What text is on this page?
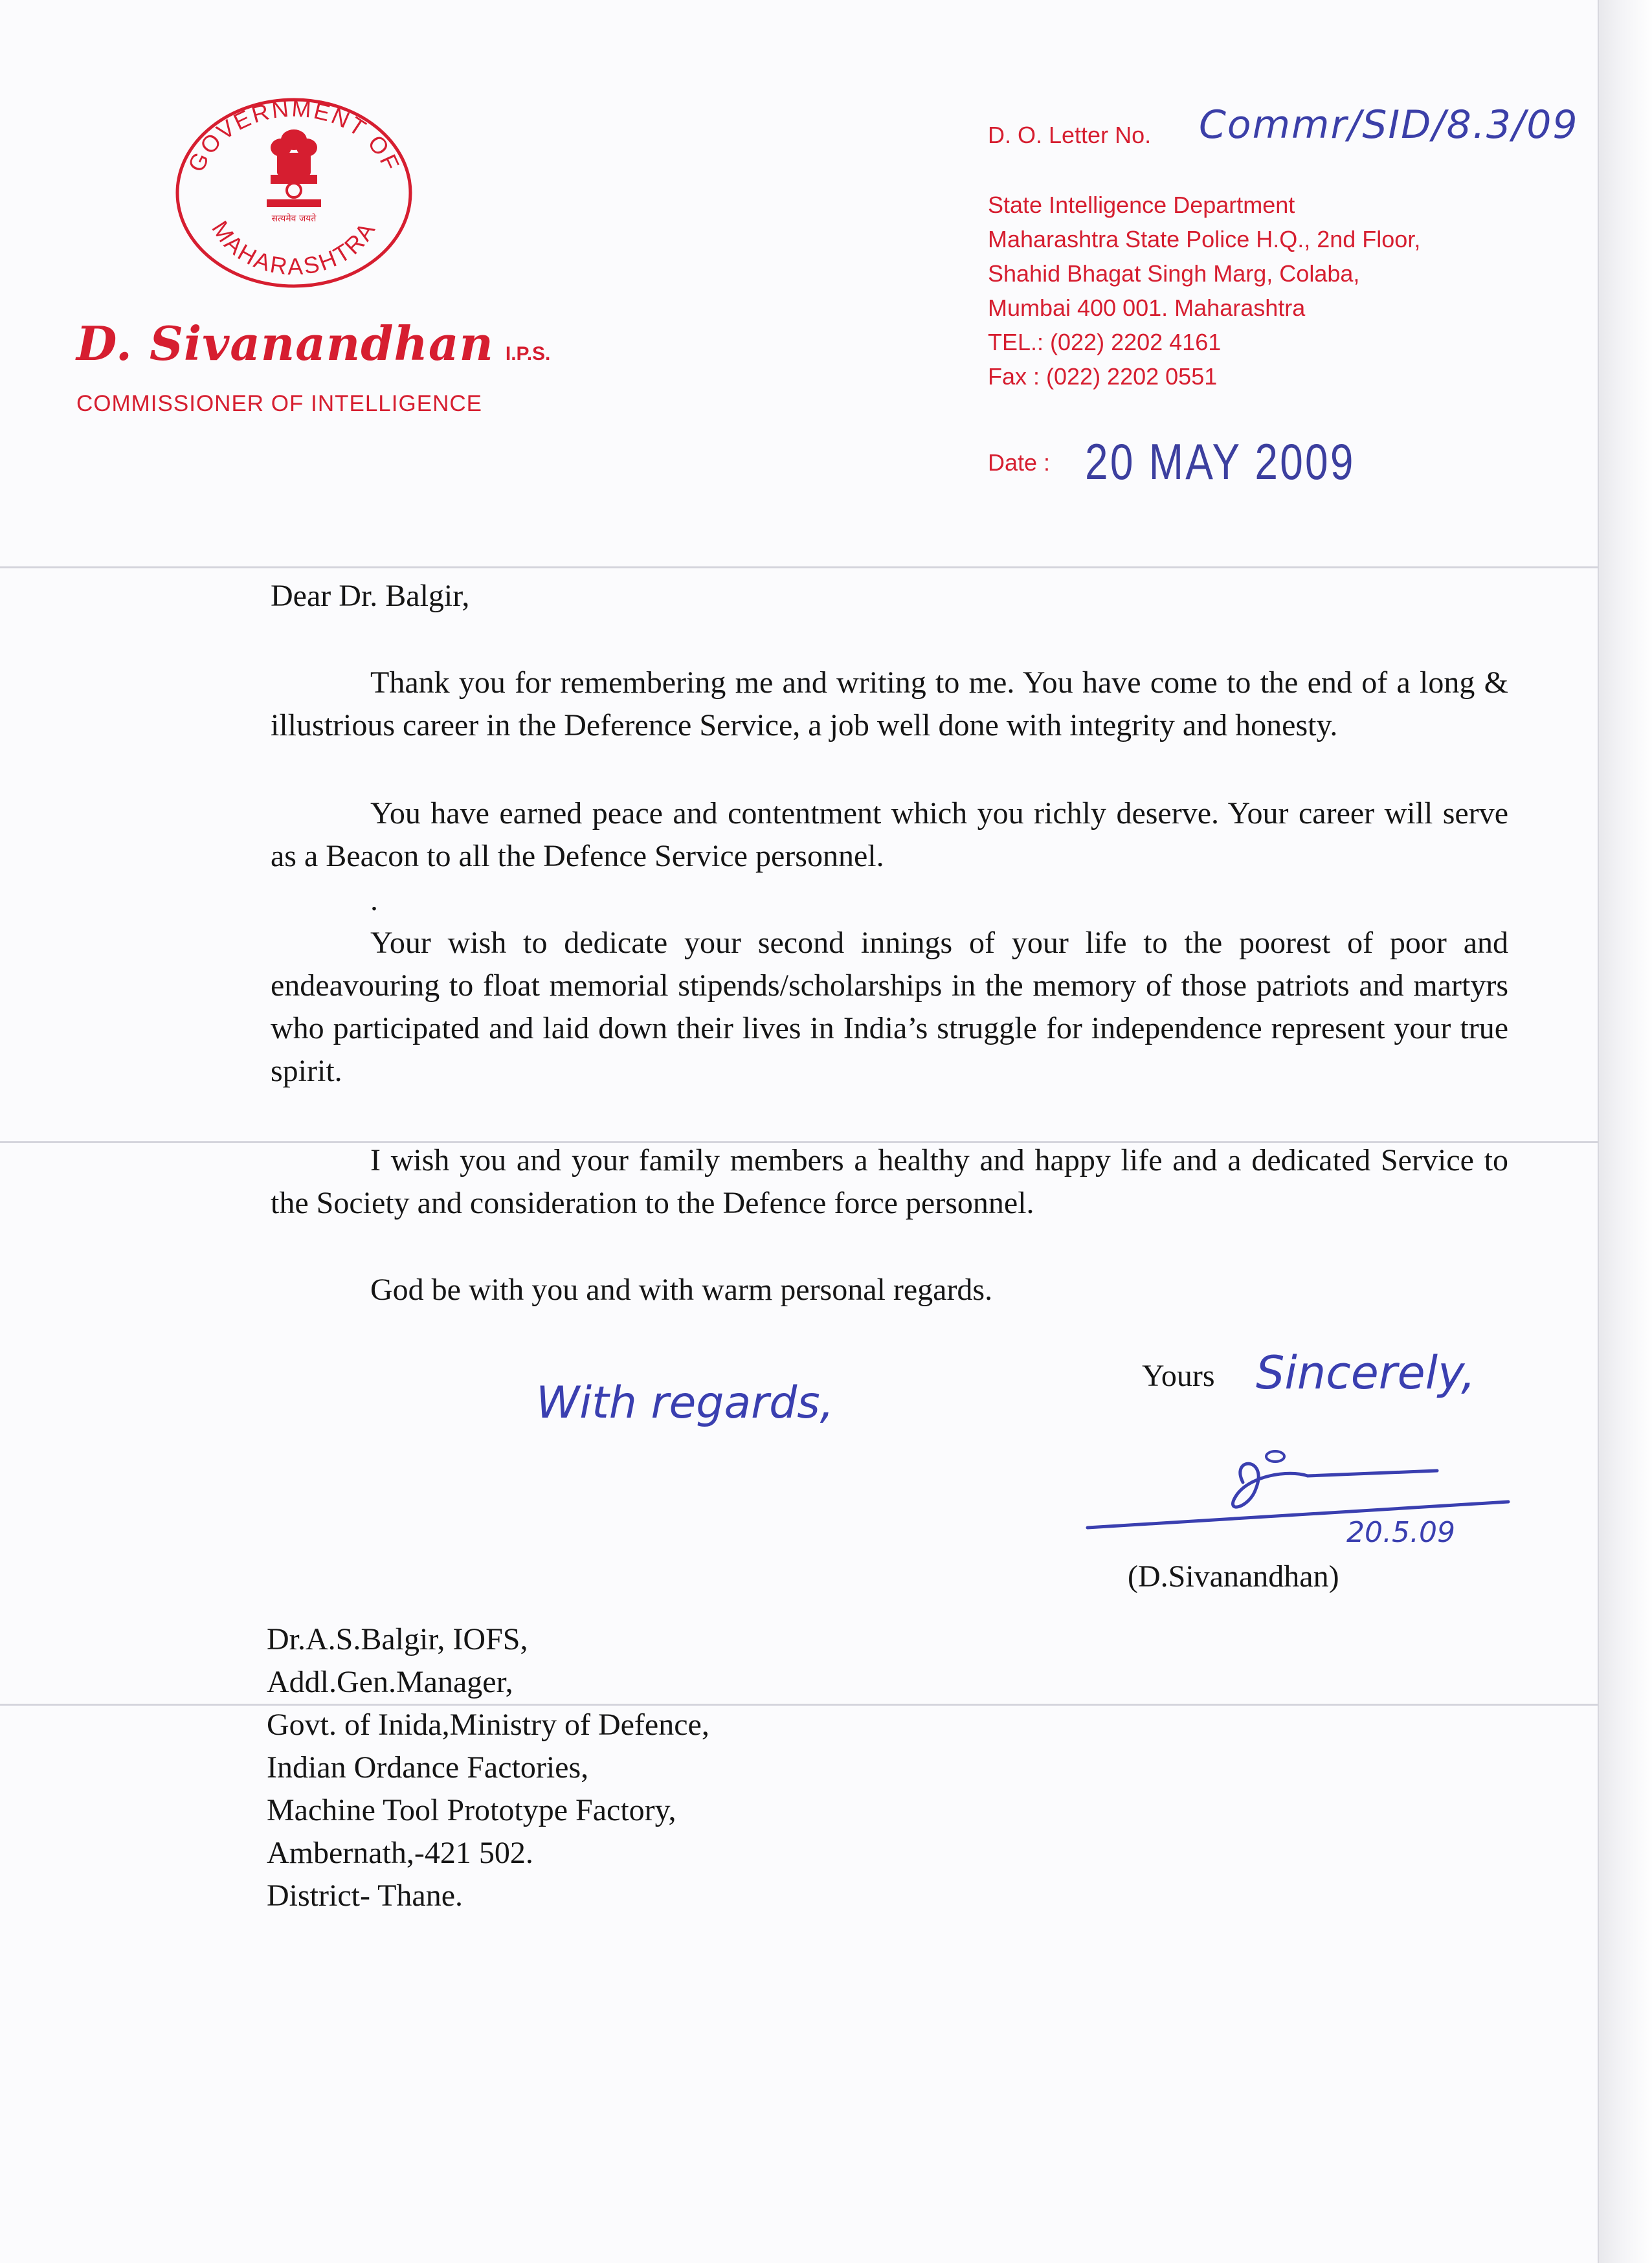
GOVERNMENT OF
MAHARASHTRA
सत्यमेव जयते
D. Sivanandhan I.P.S.
COMMISSIONER OF INTELLIGENCE
D. O. Letter No. Commr/SID/8.3/09
State Intelligence Department
Maharashtra State Police H.Q., 2nd Floor,
Shahid Bhagat Singh Marg, Colaba,
Mumbai 400 001. Maharashtra
TEL.: (022) 2202 4161
Fax : (022) 2202 0551
Date : 20 MAY 2009
Dear Dr. Balgir,
Thank you for remembering me and writing to me. You have come to the end of a long & illustrious career in the Deference Service, a job well done with integrity and honesty.
You have earned peace and contentment which you richly deserve. Your career will serve as a Beacon to all the Defence Service personnel.
.
Your wish to dedicate your second innings of your life to the poorest of poor and endeavouring to float memorial stipends/scholarships in the memory of those patriots and martyrs who participated and laid down their lives in India’s struggle for independence represent your true spirit.
I wish you and your family members a healthy and happy life and a dedicated Service to the Society and consideration to the Defence force personnel.
God be with you and with warm personal regards.
With regards,
Yours Sincerely,
20.5.09
(D.Sivanandhan)
Dr.A.S.Balgir, IOFS,
Addl.Gen.Manager,
Govt. of Inida,Ministry of Defence,
Indian Ordance Factories,
Machine Tool Prototype Factory,
Ambernath,-421 502.
District- Thane.
